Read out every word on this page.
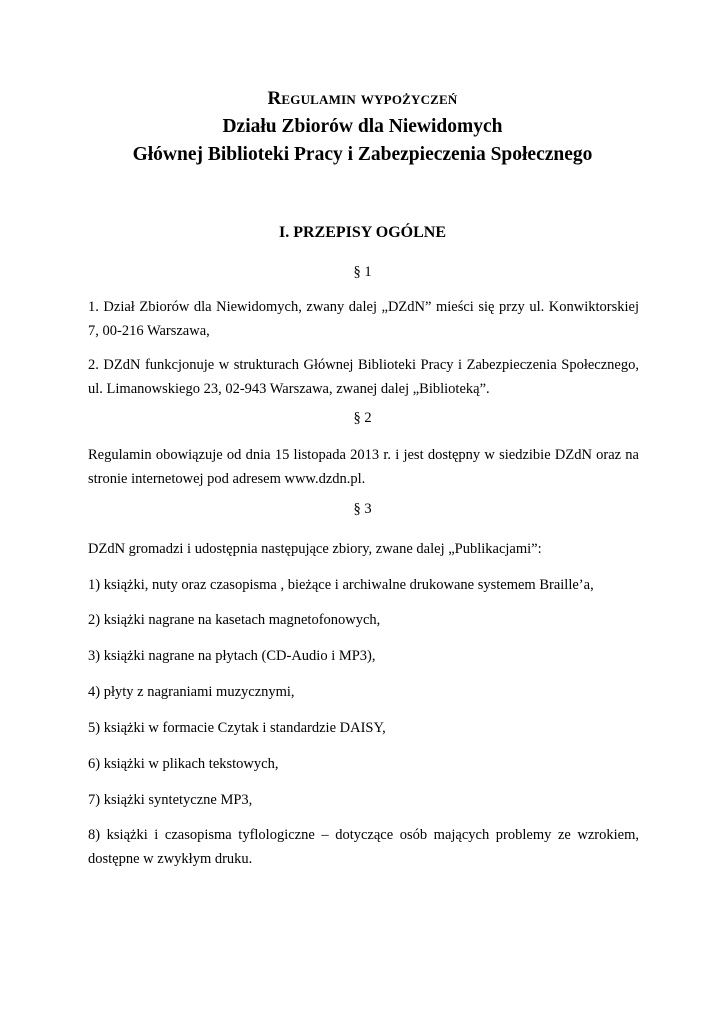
Regulamin wypożyczeń
Działu Zbiorów dla Niewidomych
Głównej Biblioteki Pracy i Zabezpieczenia Społecznego
I. PRZEPISY OGÓLNE
§ 1
1. Dział Zbiorów dla Niewidomych, zwany dalej „DZdN” mieści się przy ul. Konwiktorskiej 7, 00-216 Warszawa,
2. DZdN funkcjonuje w strukturach Głównej Biblioteki Pracy i Zabezpieczenia Społecznego, ul. Limanowskiego 23, 02-943 Warszawa, zwanej dalej „Biblioteką”.
§ 2
Regulamin obowiązuje od dnia 15 listopada 2013 r. i jest dostępny w siedzibie DZdN oraz na stronie internetowej pod adresem www.dzdn.pl.
§ 3
DZdN gromadzi i udostępnia następujące zbiory, zwane dalej „Publikacjami”:
1) książki, nuty oraz czasopisma , bieżące i archiwalne drukowane systemem Braille’a,
2) książki nagrane na kasetach magnetofonowych,
3) książki nagrane na płytach (CD-Audio i MP3),
4) płyty z nagraniami muzycznymi,
5) książki w formacie Czytak i standardzie DAISY,
6) książki w plikach tekstowych,
7) książki syntetyczne MP3,
8) książki i czasopisma tyflologiczne – dotyczące osób mających problemy ze wzrokiem, dostępne w zwykłym druku.
